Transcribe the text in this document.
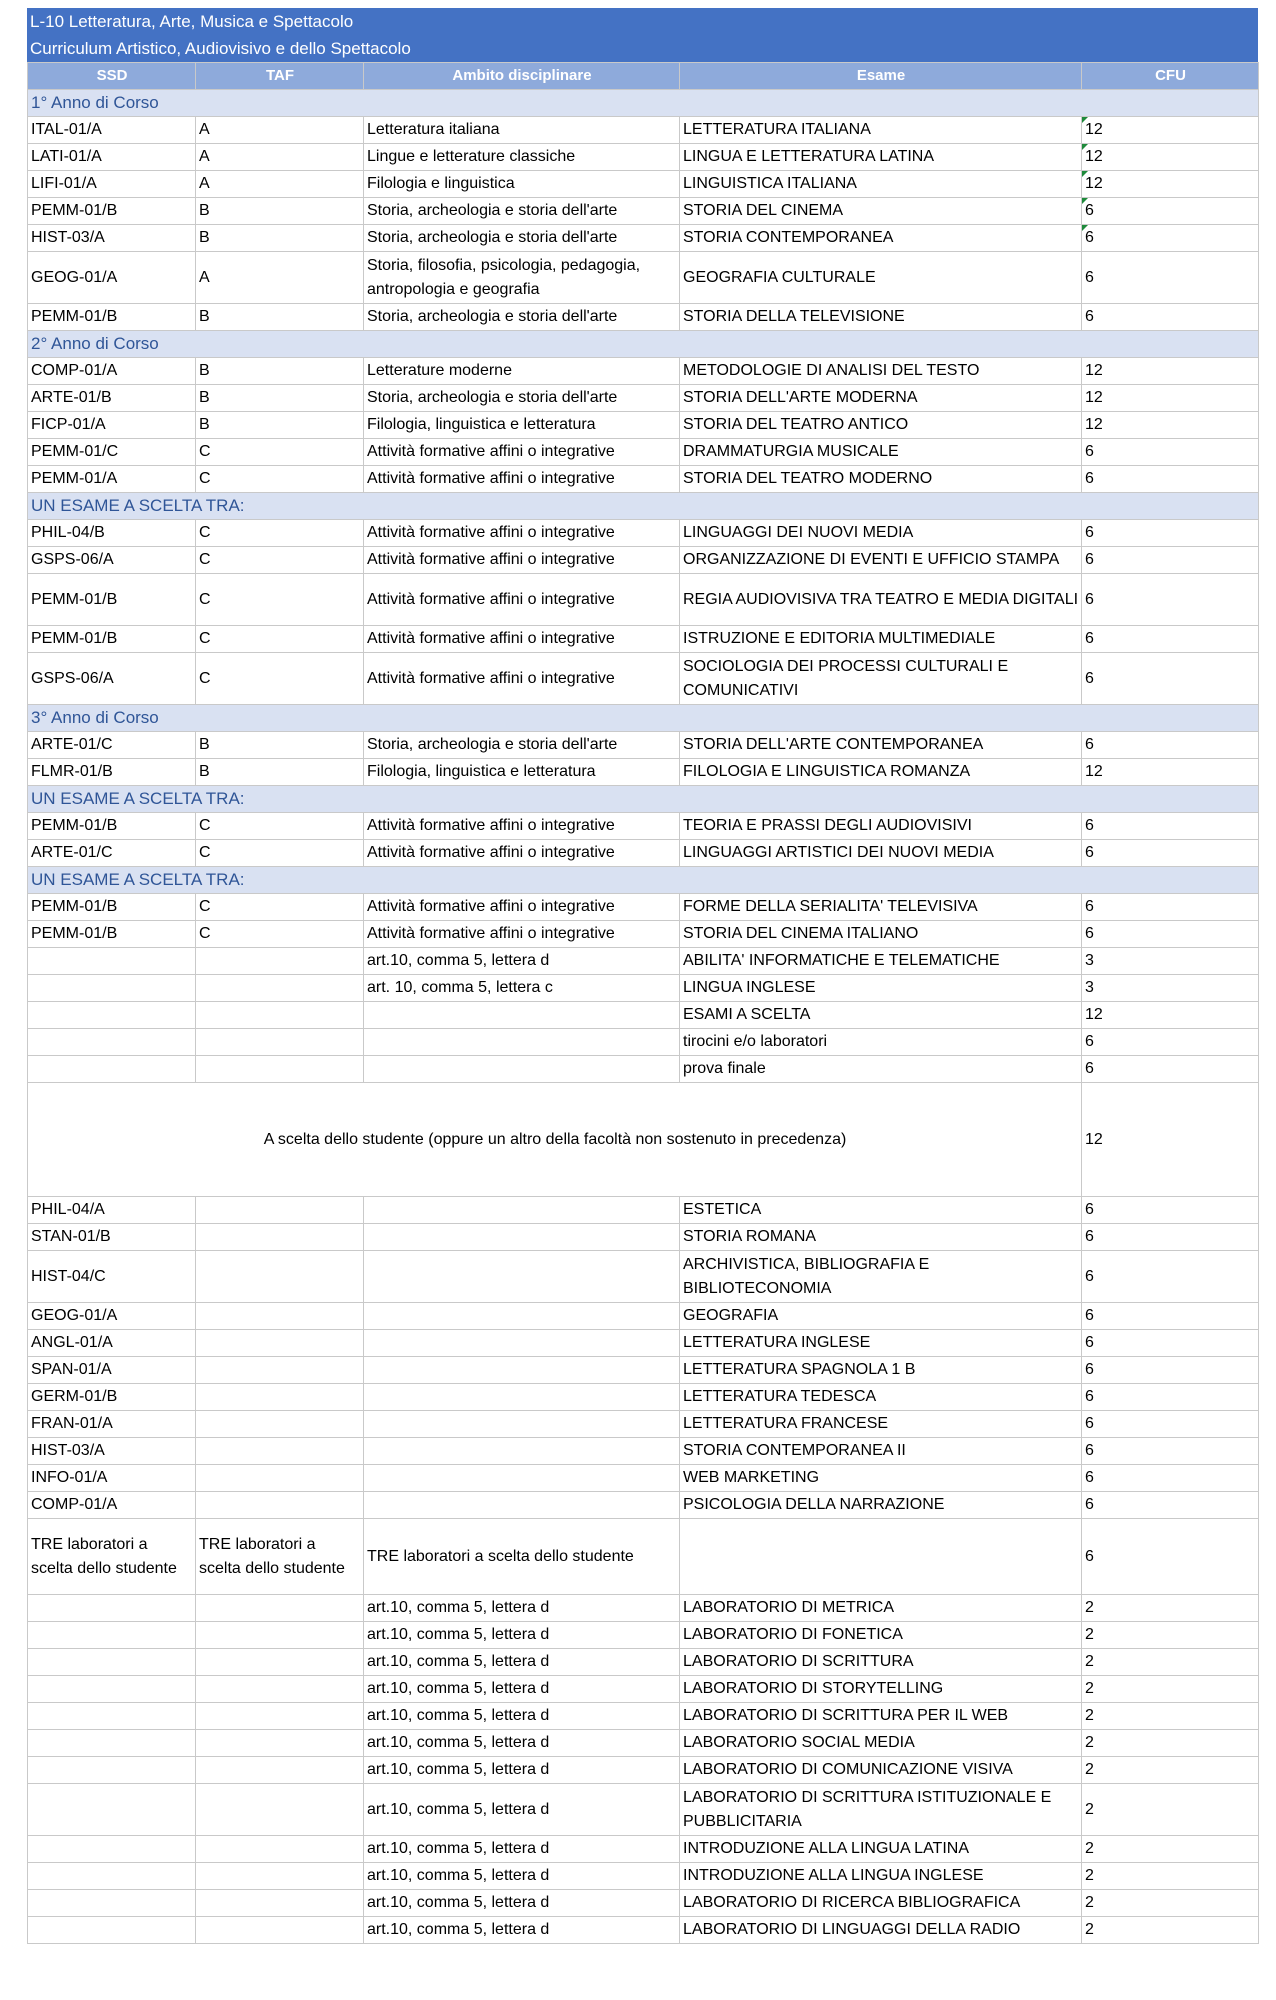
L-10 Letteratura, Arte, Musica e Spettacolo
Curriculum Artistico, Audiovisivo e dello Spettacolo
SSD	TAF	Ambito disciplinare	Esame	CFU
1° Anno di Corso				
ITAL-01/A	A	Letteratura italiana	LETTERATURA ITALIANA	12
LATI-01/A	A	Lingue e letterature classiche	LINGUA E LETTERATURA LATINA	12
LIFI-01/A	A	Filologia e linguistica	LINGUISTICA ITALIANA	12
PEMM-01/B	B	Storia, archeologia e storia dell'arte	STORIA DEL CINEMA	6
HIST-03/A	B	Storia, archeologia e storia dell'arte	STORIA CONTEMPORANEA	6
GEOG-01/A	A	Storia, filosofia, psicologia, pedagogia, antropologia e geografia	GEOGRAFIA CULTURALE	6
PEMM-01/B	B	Storia, archeologia e storia dell'arte	STORIA DELLA TELEVISIONE	6
2° Anno di Corso				
COMP-01/A	B	Letterature moderne	METODOLOGIE DI ANALISI DEL TESTO	12
ARTE-01/B	B	Storia, archeologia e storia dell'arte	STORIA DELL'ARTE MODERNA	12
FICP-01/A	B	Filologia, linguistica e letteratura	STORIA DEL TEATRO ANTICO	12
PEMM-01/C	C	Attività formative affini o integrative	DRAMMATURGIA MUSICALE	6
PEMM-01/A	C	Attività formative affini o integrative	STORIA DEL TEATRO MODERNO	6
UN ESAME A SCELTA TRA:				
PHIL-04/B	C	Attività formative affini o integrative	LINGUAGGI DEI NUOVI MEDIA	6
GSPS-06/A	C	Attività formative affini o integrative	ORGANIZZAZIONE DI EVENTI E UFFICIO STAMPA	6
PEMM-01/B	C	Attività formative affini o integrative	REGIA AUDIOVISIVA TRA TEATRO E MEDIA DIGITALI	6
PEMM-01/B	C	Attività formative affini o integrative	ISTRUZIONE E EDITORIA MULTIMEDIALE	6
GSPS-06/A	C	Attività formative affini o integrative	SOCIOLOGIA DEI PROCESSI CULTURALI E COMUNICATIVI	6
3° Anno di Corso				
ARTE-01/C	B	Storia, archeologia e storia dell'arte	STORIA DELL'ARTE CONTEMPORANEA	6
FLMR-01/B	B	Filologia, linguistica e letteratura	FILOLOGIA E LINGUISTICA ROMANZA	12
UN ESAME A SCELTA TRA:				
PEMM-01/B	C	Attività formative affini o integrative	TEORIA E PRASSI DEGLI AUDIOVISIVI	6
ARTE-01/C	C	Attività formative affini o integrative	LINGUAGGI ARTISTICI DEI NUOVI MEDIA	6
UN ESAME A SCELTA TRA:				
PEMM-01/B	C	Attività formative affini o integrative	FORME DELLA SERIALITA' TELEVISIVA	6
PEMM-01/B	C	Attività formative affini o integrative	STORIA DEL CINEMA ITALIANO	6
		art.10, comma 5, lettera d	ABILITA' INFORMATICHE E TELEMATICHE	3
		art. 10, comma 5, lettera c	LINGUA INGLESE	3
			ESAMI A SCELTA	12
			tirocini e/o laboratori	6
			prova finale	6
A scelta dello studente (oppure un altro della facoltà non sostenuto in precedenza)				12
PHIL-04/A			ESTETICA	6
STAN-01/B			STORIA ROMANA	6
HIST-04/C			ARCHIVISTICA, BIBLIOGRAFIA E BIBLIOTECONOMIA	6
GEOG-01/A			GEOGRAFIA	6
ANGL-01/A			LETTERATURA INGLESE	6
SPAN-01/A			LETTERATURA SPAGNOLA 1 B	6
GERM-01/B			LETTERATURA TEDESCA	6
FRAN-01/A			LETTERATURA FRANCESE	6
HIST-03/A			STORIA CONTEMPORANEA II	6
INFO-01/A			WEB MARKETING	6
COMP-01/A			PSICOLOGIA DELLA NARRAZIONE	6
TRE laboratori a scelta dello studente	TRE laboratori a scelta dello studente	TRE laboratori a scelta dello studente		6
		art.10, comma 5, lettera d	LABORATORIO DI METRICA	2
		art.10, comma 5, lettera d	LABORATORIO DI FONETICA	2
		art.10, comma 5, lettera d	LABORATORIO DI SCRITTURA	2
		art.10, comma 5, lettera d	LABORATORIO DI STORYTELLING	2
		art.10, comma 5, lettera d	LABORATORIO DI SCRITTURA PER IL WEB	2
		art.10, comma 5, lettera d	LABORATORIO SOCIAL MEDIA	2
		art.10, comma 5, lettera d	LABORATORIO DI COMUNICAZIONE VISIVA	2
		art.10, comma 5, lettera d	LABORATORIO DI SCRITTURA ISTITUZIONALE E PUBBLICITARIA	2
		art.10, comma 5, lettera d	INTRODUZIONE ALLA LINGUA LATINA	2
		art.10, comma 5, lettera d	INTRODUZIONE ALLA LINGUA INGLESE	2
		art.10, comma 5, lettera d	LABORATORIO DI RICERCA BIBLIOGRAFICA	2
		art.10, comma 5, lettera d	LABORATORIO DI LINGUAGGI DELLA RADIO	2
